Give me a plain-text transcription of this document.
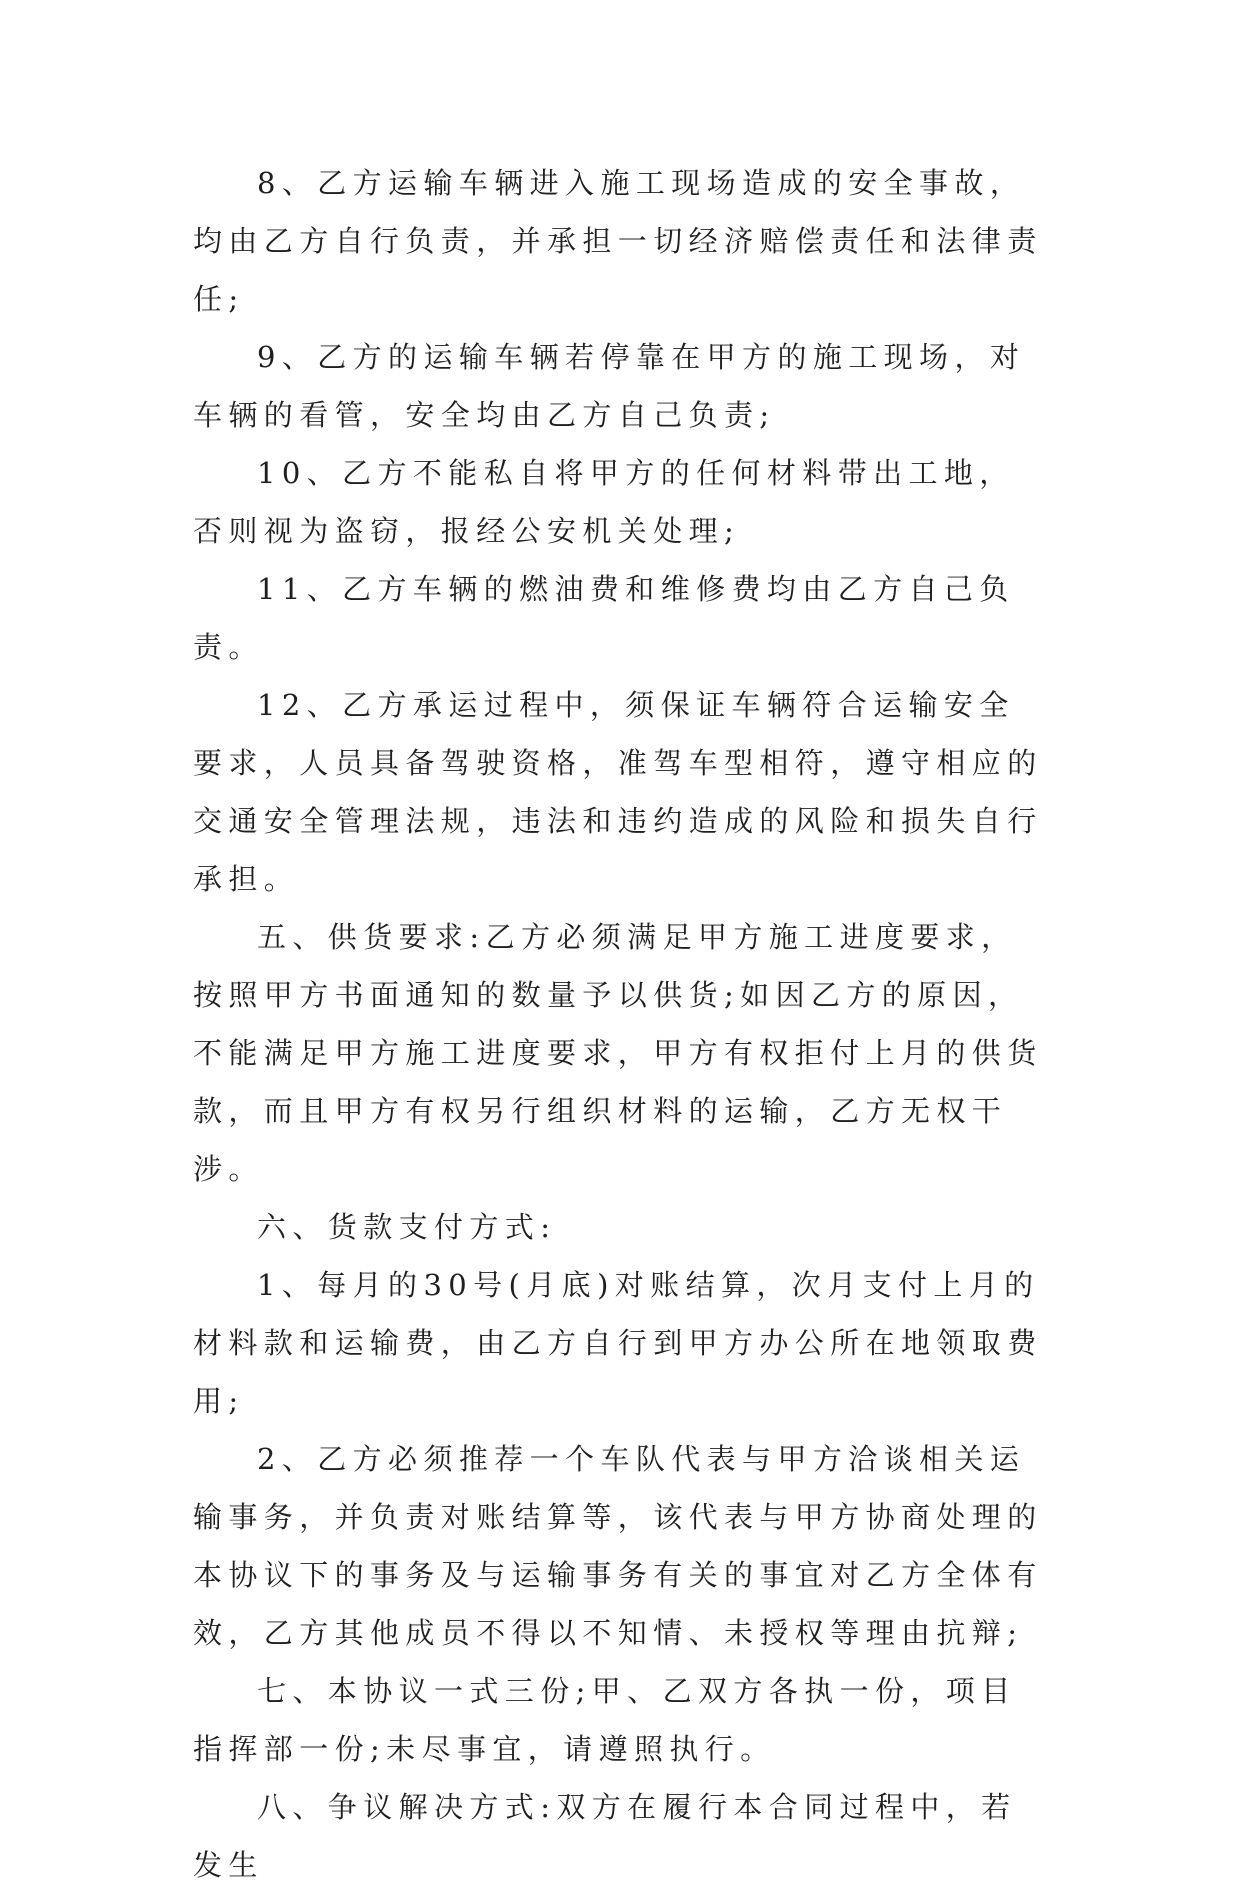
8、乙方运输车辆进入施工现场造成的安全事故，均由乙方自行负责，并承担一切经济赔偿责任和法律责任;

9、乙方的运输车辆若停靠在甲方的施工现场，对车辆的看管，安全均由乙方自己负责;

10、乙方不能私自将甲方的任何材料带出工地，否则视为盗窃，报经公安机关处理;

11、乙方车辆的燃油费和维修费均由乙方自己负责。

12、乙方承运过程中，须保证车辆符合运输安全要求，人员具备驾驶资格，准驾车型相符，遵守相应的交通安全管理法规，违法和违约造成的风险和损失自行承担。

五、供货要求:乙方必须满足甲方施工进度要求，按照甲方书面通知的数量予以供货;如因乙方的原因，不能满足甲方施工进度要求，甲方有权拒付上月的供货款，而且甲方有权另行组织材料的运输，乙方无权干涉。

六、货款支付方式:

1、每月的30号(月底)对账结算，次月支付上月的材料款和运输费，由乙方自行到甲方办公所在地领取费用;

2、乙方必须推荐一个车队代表与甲方洽谈相关运输事务，并负责对账结算等，该代表与甲方协商处理的本协议下的事务及与运输事务有关的事宜对乙方全体有效，乙方其他成员不得以不知情、未授权等理由抗辩;

七、本协议一式三份;甲、乙双方各执一份，项目指挥部一份;未尽事宜，请遵照执行。

八、争议解决方式:双方在履行本合同过程中，若发生
